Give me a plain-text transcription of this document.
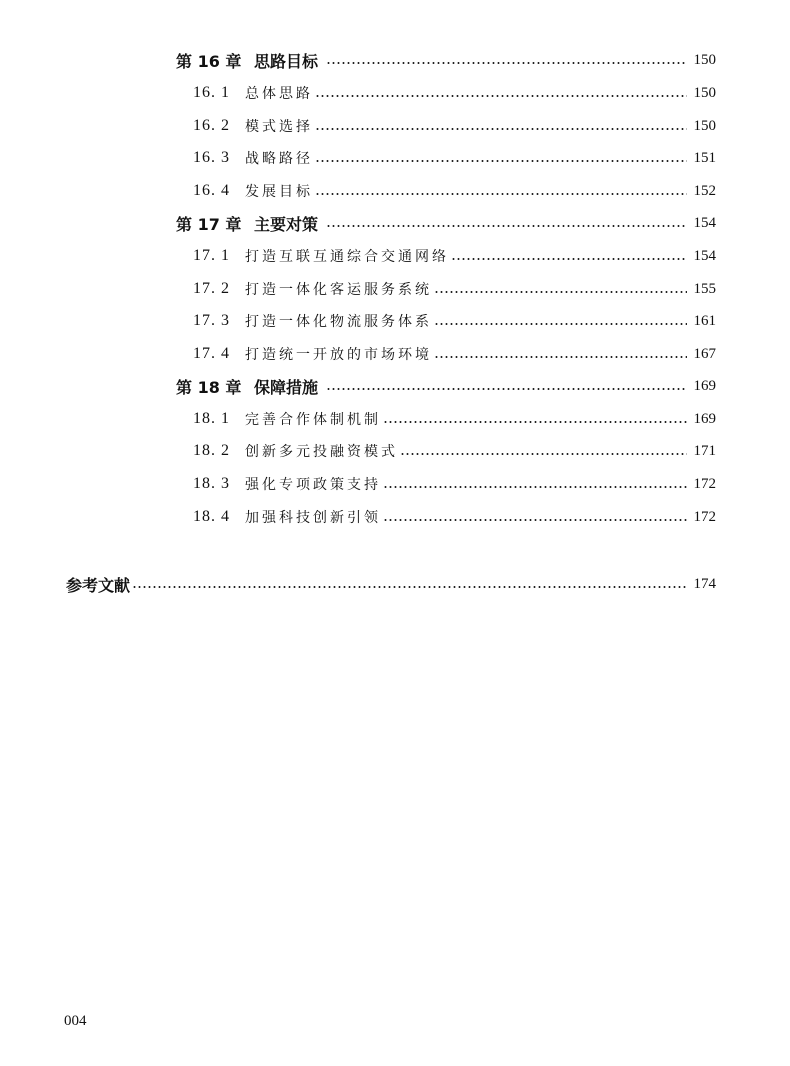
第 16 章 思路目标	150
16. 1	总体思路	150
16. 2	模式选择	150
16. 3	战略路径	151
16. 4	发展目标	152
第 17 章 主要对策	154
17. 1	打造互联互通综合交通网络	154
17. 2	打造一体化客运服务系统	155
17. 3	打造一体化物流服务体系	161
17. 4	打造统一开放的市场环境	167
第 18 章 保障措施	169
18. 1	完善合作体制机制	169
18. 2	创新多元投融资模式	171
18. 3	强化专项政策支持	172
18. 4	加强科技创新引领	172
参考文献	174
004
